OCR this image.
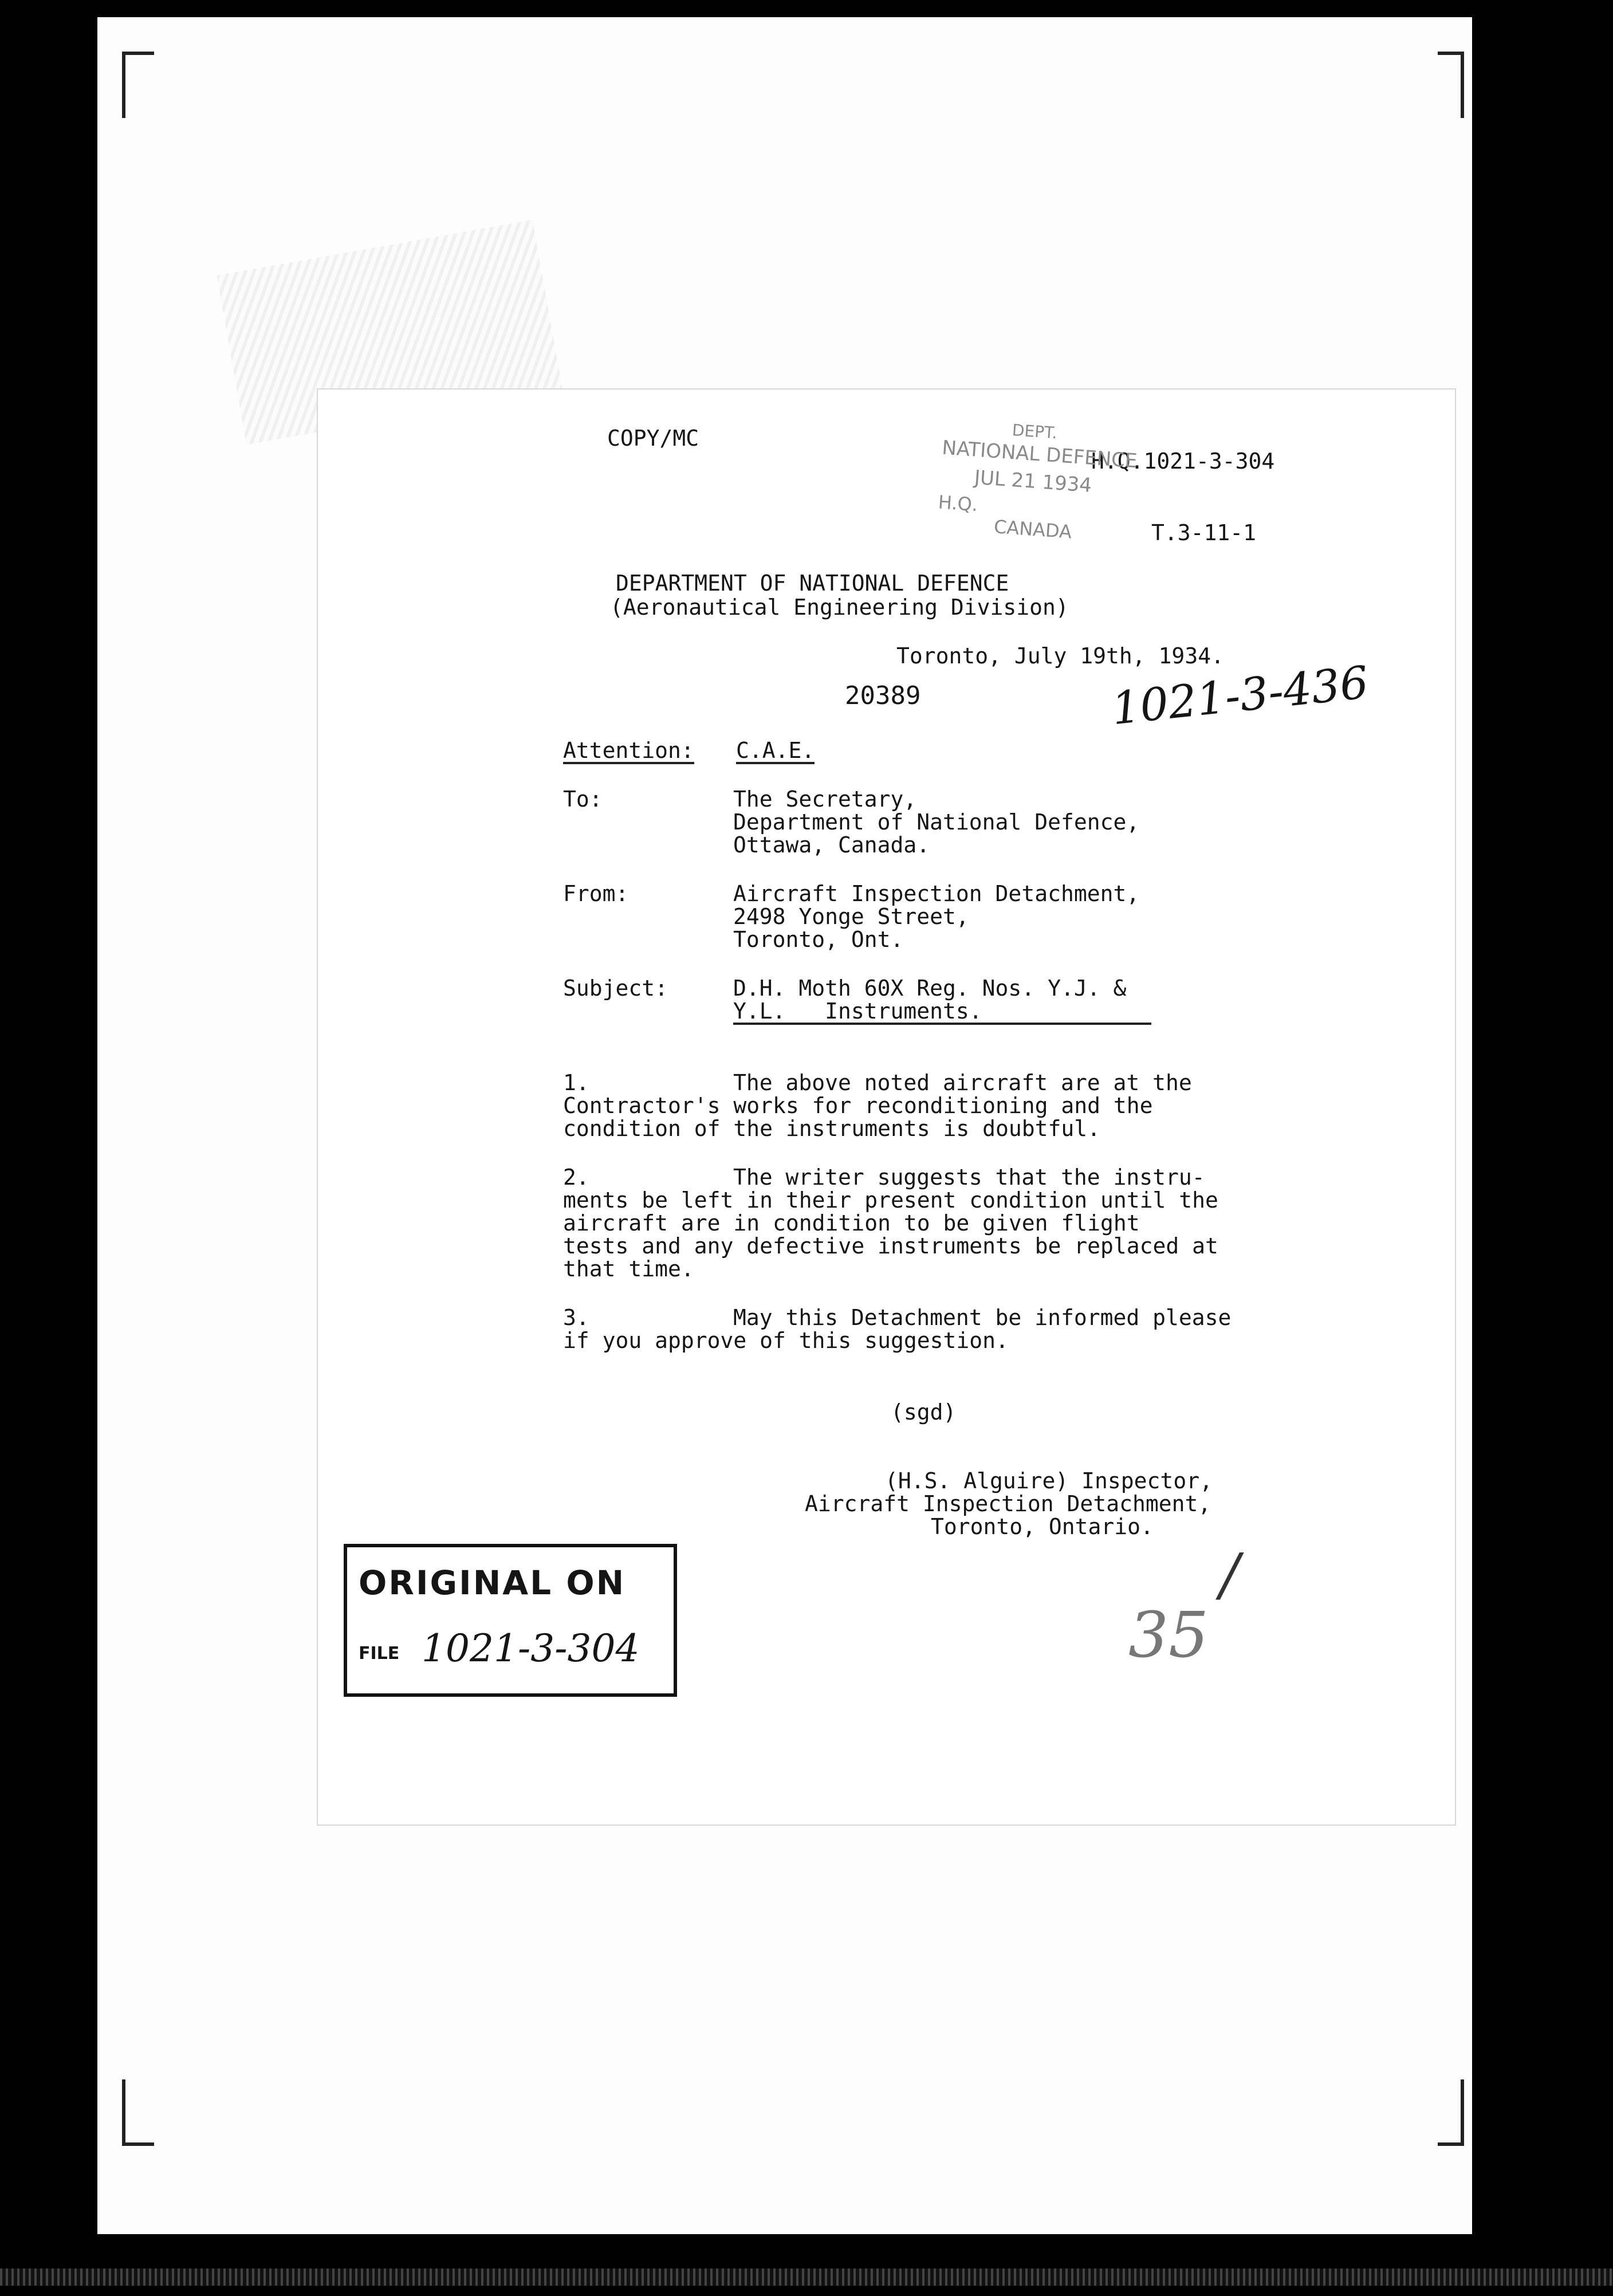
COPY/MC
H.Q.1021-3-304
T.3-11-1
DEPARTMENT OF NATIONAL DEFENCE
(Aeronautical Engineering Division)
Toronto, July 19th, 1934.
20389	1021-3-436
Attention: C.A.E.
To:	The Secretary,
Department of National Defence,
Ottawa, Canada.
From:	Aircraft Inspection Detachment,
2498 Yonge Street,
Toronto, Ont.
Subject:	D.H. Moth 60X Reg. Nos. Y.J. &
Y.L.   Instruments.
1.	The above noted aircraft are at the
Contractor's works for reconditioning and the
condition of the instruments is doubtful.
2.	The writer suggests that the instru-
ments be left in their present condition until the
aircraft are in condition to be given flight
tests and any defective instruments be replaced at
that time.
3.	May this Detachment be informed please
if you approve of this suggestion.
(sgd)
(H.S. Alguire) Inspector,
Aircraft Inspection Detachment,
Toronto, Ontario.
35
/
DEPT.
NATIONAL DEFENCE
JUL 21 1934
H.Q.
CANADA
ORIGINAL ON
FILE 1021-3-304
